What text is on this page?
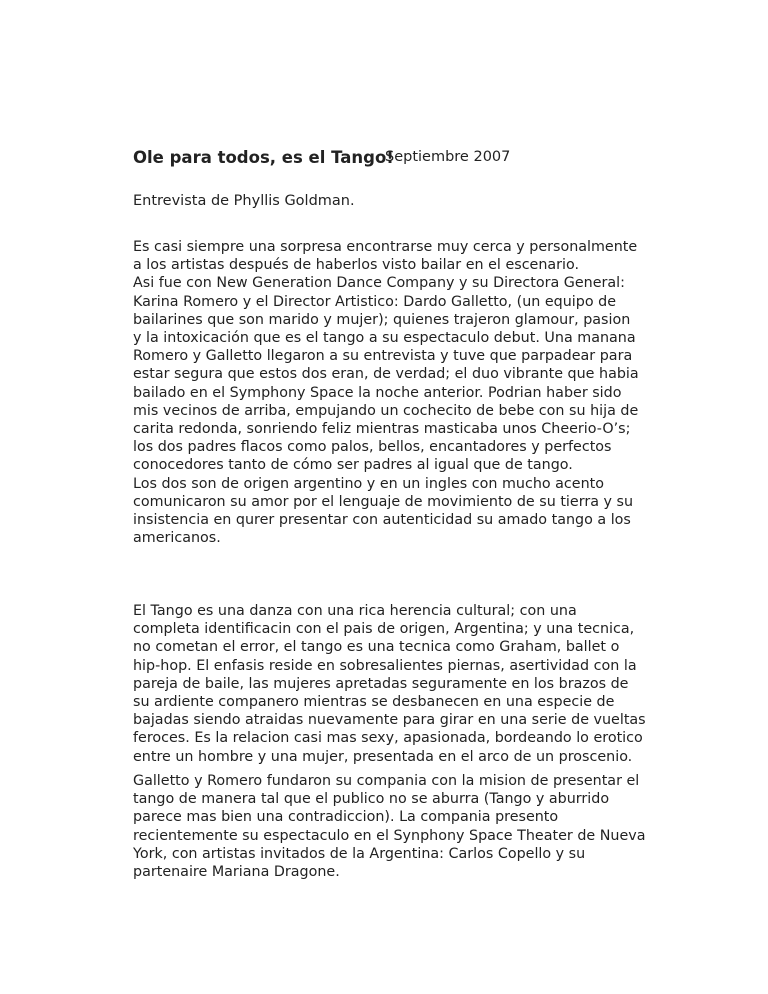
Ole para todos, es el Tango!
Septiembre 2007
Entrevista de Phyllis Goldman.
Es casi siempre una sorpresa encontrarse muy cerca y personalmente
a los artistas después de haberlos visto bailar en el escenario.
Asi fue con New Generation Dance Company y su Directora General:
Karina Romero y el Director Artistico: Dardo Galletto, (un equipo de
bailarines que son marido y mujer); quienes trajeron glamour, pasion
y la intoxicación que es el tango a su espectaculo debut. Una manana
Romero y Galletto llegaron a su entrevista y tuve que parpadear para
estar segura que estos dos eran, de verdad; el duo vibrante que habia
bailado en el Symphony Space la noche anterior. Podrian haber sido
mis vecinos de arriba, empujando un cochecito de bebe con su hija de
carita redonda, sonriendo feliz mientras masticaba unos Cheerio-O’s;
los dos padres flacos como palos, bellos, encantadores y perfectos
conocedores tanto de cómo ser padres al igual que de tango.
Los dos son de origen argentino y en un ingles con mucho acento
comunicaron su amor por el lenguaje de movimiento de su tierra y su
insistencia en qurer presentar con autenticidad su amado tango a los
americanos.
El Tango es una danza con una rica herencia cultural; con una
completa identificacin con el pais de origen, Argentina; y una tecnica,
no cometan el error, el tango es una tecnica como Graham, ballet o
hip-hop. El enfasis reside en sobresalientes piernas, asertividad con la
pareja de baile, las mujeres apretadas seguramente en los brazos de
su ardiente companero mientras se desbanecen en una especie de
bajadas siendo atraidas nuevamente para girar en una serie de vueltas
feroces. Es la relacion casi mas sexy, apasionada, bordeando lo erotico
entre un hombre y una mujer, presentada en el arco de un proscenio.
Galletto y Romero fundaron su compania con la mision de presentar el
tango de manera tal que el publico no se aburra (Tango y aburrido
parece mas bien una contradiccion). La compania presento
recientemente su espectaculo en el Synphony Space Theater de Nueva
York, con artistas invitados de la Argentina: Carlos Copello y su
partenaire Mariana Dragone.
